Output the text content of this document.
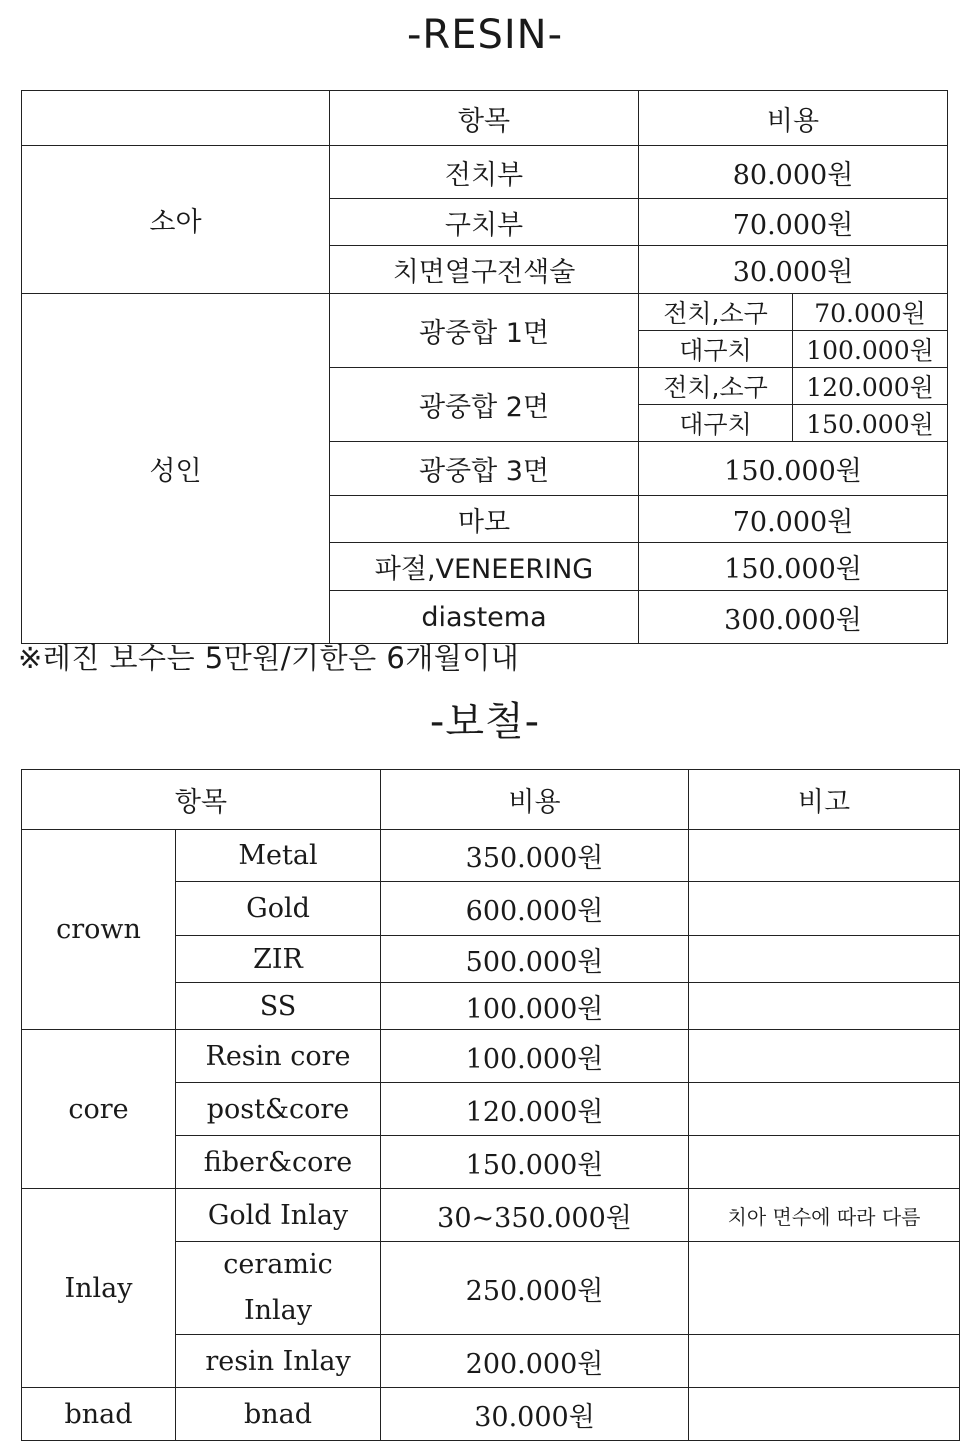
-RESIN-
	항목	비용	
소아	전치부	80.000원	
	구치부	70.000원	
	치면열구전색술	30.000원	
성인	광중합 1면	전치,소구	70.000원
		대구치	100.000원
	광중합 2면	전치,소구	120.000원
		대구치	150.000원
	광중합 3면	150.000원	
	마모	70.000원	
	파절,VENEERING	150.000원	
	diastema	300.000원	
※레진 보수는 5만원/기한은 6개월이내
-보철-
항목		비용	비고
crown	Metal	350.000원	
	Gold	600.000원	
	ZIR	500.000원	
	SS	100.000원	
core	Resin core	100.000원	
	post&core	120.000원	
	fiber&core	150.000원	
Inlay	Gold Inlay	30~350.000원	치아 면수에 따라 다름
	ceramic Inlay	250.000원	
	resin Inlay	200.000원	
bnad	bnad	30.000원	
